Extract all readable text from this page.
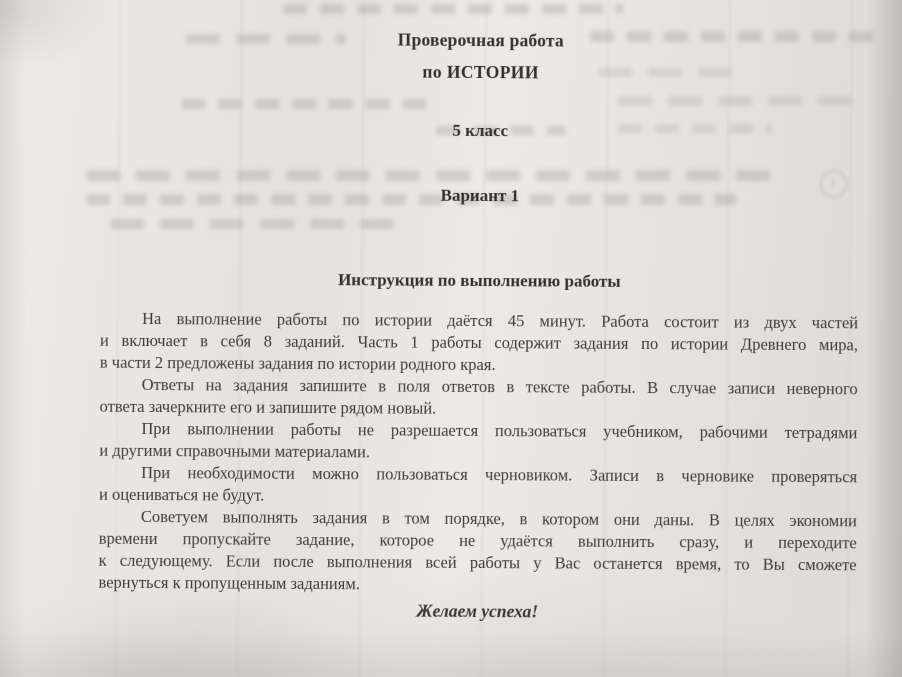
Проверочная работа
по ИСТОРИИ
5 класс
Вариант 1
Инструкция по выполнению работы
На выполнение работы по истории даётся 45 минут. Работа состоит из двух частей
и включает в себя 8 заданий. Часть 1 работы содержит задания по истории Древнего мира,
в части 2 предложены задания по истории родного края.
Ответы на задания запишите в поля ответов в тексте работы. В случае записи неверного
ответа зачеркните его и запишите рядом новый.
При выполнении работы не разрешается пользоваться учебником, рабочими тетрадями
и другими справочными материалами.
При необходимости можно пользоваться черновиком. Записи в черновике проверяться
и оцениваться не будут.
Советуем выполнять задания в том порядке, в котором они даны. В целях экономии
времени пропускайте задание, которое не удаётся выполнить сразу, и переходите
к следующему. Если после выполнения всей работы у Вас останется время, то Вы сможете
вернуться к пропущенным заданиям.
Желаем успеха!
